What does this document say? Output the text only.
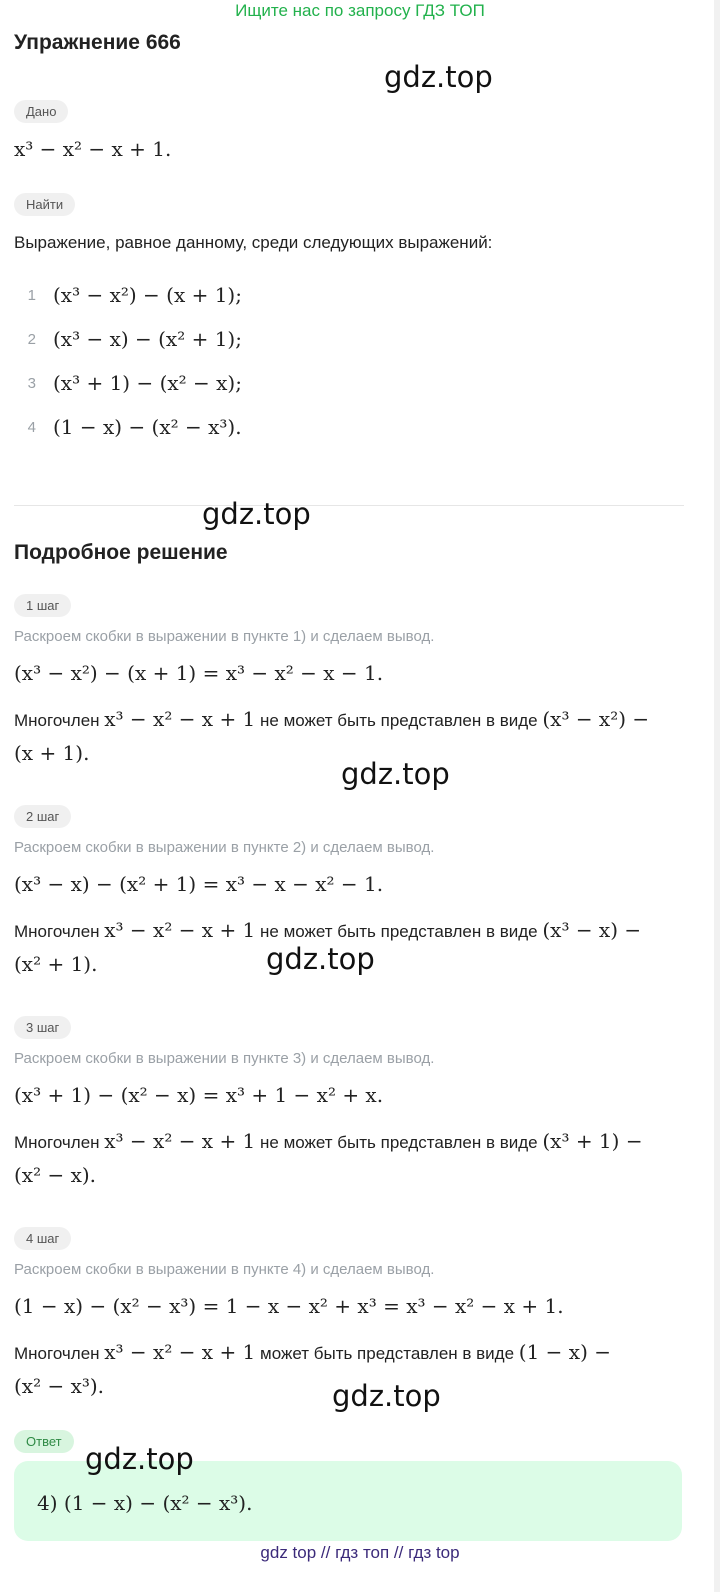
Ищите нас по запросу ГДЗ ТОП
Упражнение 666
gdz.top
Дано
x³ − x² − x + 1.
Найти
Выражение, равное данному, среди следующих выражений:
1 (x³ − x²) − (x + 1);
2 (x³ − x) − (x² + 1);
3 (x³ + 1) − (x² − x);
4 (1 − x) − (x² − x³).
gdz.top
Подробное решение
1 шаг
Раскроем скобки в выражении в пункте 1) и сделаем вывод.
(x³ − x²) − (x + 1) = x³ − x² − x − 1.
Многочлен x³ − x² − x + 1 не может быть представлен в виде (x³ − x²) −
(x + 1).
gdz.top
2 шаг
Раскроем скобки в выражении в пункте 2) и сделаем вывод.
(x³ − x) − (x² + 1) = x³ − x − x² − 1.
Многочлен x³ − x² − x + 1 не может быть представлен в виде (x³ − x) −
(x² + 1).	gdz.top
3 шаг
Раскроем скобки в выражении в пункте 3) и сделаем вывод.
(x³ + 1) − (x² − x) = x³ + 1 − x² + x.
Многочлен x³ − x² − x + 1 не может быть представлен в виде (x³ + 1) −
(x² − x).
4 шаг
Раскроем скобки в выражении в пункте 4) и сделаем вывод.
(1 − x) − (x² − x³) = 1 − x − x² + x³ = x³ − x² − x + 1.
Многочлен x³ − x² − x + 1 может быть представлен в виде (1 − x) −
(x² − x³).	gdz.top
Ответ
4) (1 − x) − (x² − x³).
gdz.top
gdz top // гдз топ // гдз top
